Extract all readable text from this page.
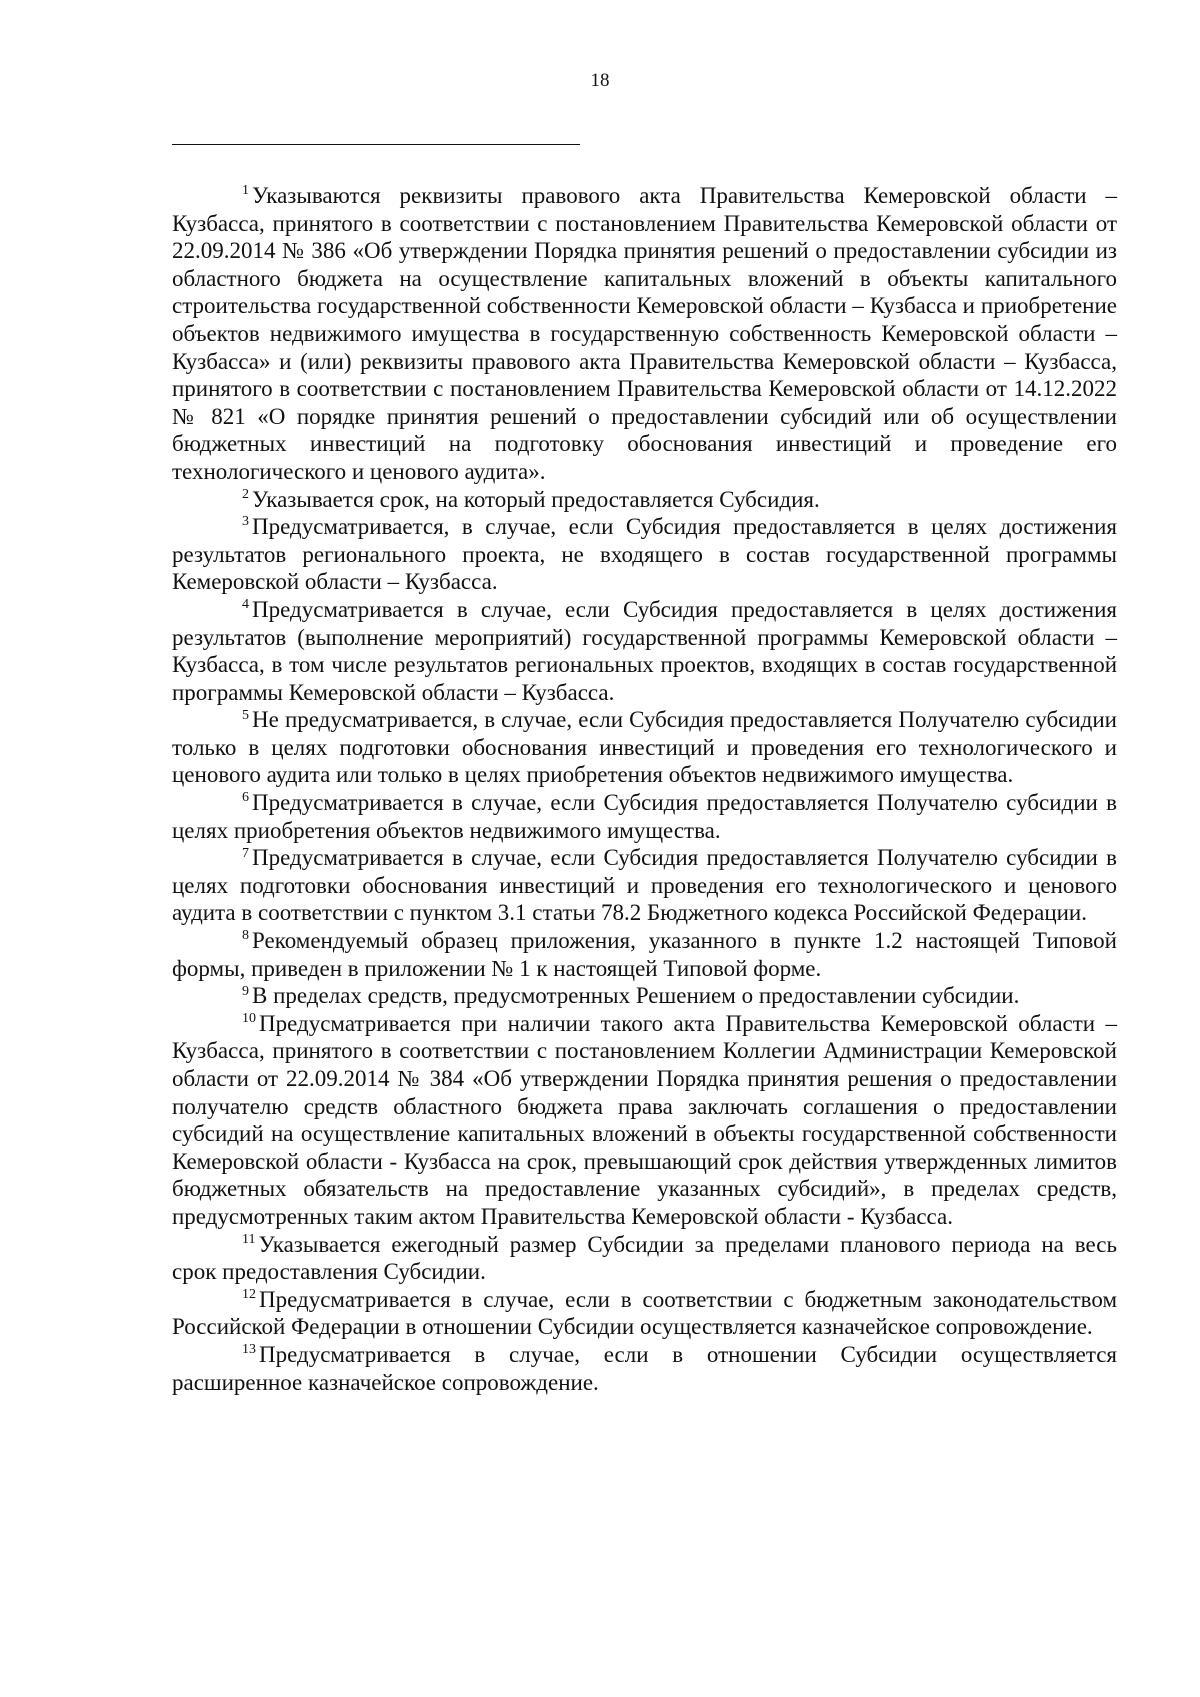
18

$^1$ Указываются реквизиты правового акта Правительства Кемеровской области – Кузбасса, принятого в соответствии с постановлением Правительства Кемеровской области от 22.09.2014 № 386 «Об утверждении Порядка принятия решений о предоставлении субсидии из областного бюджета на осуществление капитальных вложений в объекты капитального строительства государственной собственности Кемеровской области – Кузбасса и приобретение объектов недвижимого имущества в государственную собственность Кемеровской области – Кузбасса» и (или) реквизиты правового акта Правительства Кемеровской области – Кузбасса, принятого в соответствии с постановлением Правительства Кемеровской области от 14.12.2022 № 821 «О порядке принятия решений о предоставлении субсидий или об осуществлении бюджетных инвестиций на подготовку обоснования инвестиций и проведение его технологического и ценового аудита».

$^2$ Указывается срок, на который предоставляется Субсидия.

$^3$ Предусматривается, в случае, если Субсидия предоставляется в целях достижения результатов регионального проекта, не входящего в состав государственной программы Кемеровской области – Кузбасса.

$^4$ Предусматривается в случае, если Субсидия предоставляется в целях достижения результатов (выполнение мероприятий) государственной программы Кемеровской области – Кузбасса, в том числе результатов региональных проектов, входящих в состав государственной программы Кемеровской области – Кузбасса.

$^5$ Не предусматривается, в случае, если Субсидия предоставляется Получателю субсидии только в целях подготовки обоснования инвестиций и проведения его технологического и ценового аудита или только в целях приобретения объектов недвижимого имущества.

$^6$ Предусматривается в случае, если Субсидия предоставляется Получателю субсидии в целях приобретения объектов недвижимого имущества.

$^7$ Предусматривается в случае, если Субсидия предоставляется Получателю субсидии в целях подготовки обоснования инвестиций и проведения его технологического и ценового аудита в соответствии с пунктом 3.1 статьи 78.2 Бюджетного кодекса Российской Федерации.

$^8$ Рекомендуемый образец приложения, указанного в пункте 1.2 настоящей Типовой формы, приведен в приложении № 1 к настоящей Типовой форме.

$^9$ В пределах средств, предусмотренных Решением о предоставлении субсидии.

$^{10}$ Предусматривается при наличии такого акта Правительства Кемеровской области – Кузбасса, принятого в соответствии с постановлением Коллегии Администрации Кемеровской области от 22.09.2014 № 384 «Об утверждении Порядка принятия решения о предоставлении получателю средств областного бюджета права заключать соглашения о предоставлении субсидий на осуществление капитальных вложений в объекты государственной собственности Кемеровской области - Кузбасса на срок, превышающий срок действия утвержденных лимитов бюджетных обязательств на предоставление указанных субсидий», в пределах средств, предусмотренных таким актом Правительства Кемеровской области - Кузбасса.

$^{11}$ Указывается ежегодный размер Субсидии за пределами планового периода на весь срок предоставления Субсидии.

$^{12}$ Предусматривается в случае, если в соответствии с бюджетным законодательством Российской Федерации в отношении Субсидии осуществляется казначейское сопровождение.

$^{13}$ Предусматривается в случае, если в отношении Субсидии осуществляется расширенное казначейское сопровождение.
